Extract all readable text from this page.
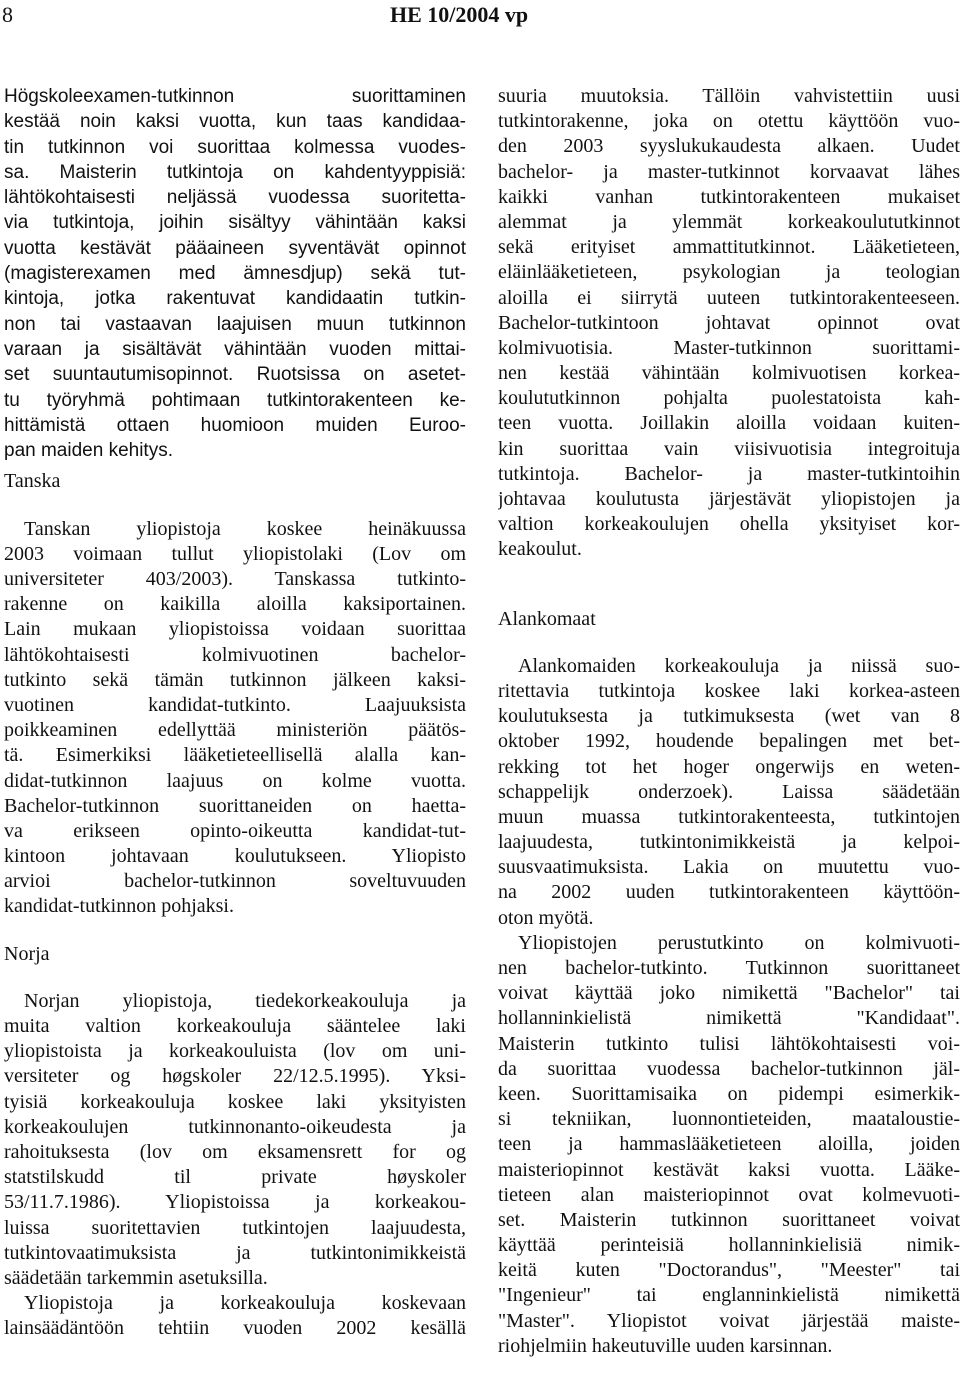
8	HE 10/2004 vp
Högskoleexamen-tutkinnon suorittaminen
kestää noin kaksi vuotta, kun taas kandidaa-
tin tutkinnon voi suorittaa kolmessa vuodes-
sa. Maisterin tutkintoja on kahdentyyppisiä:
lähtökohtaisesti neljässä vuodessa suoritetta-
via tutkintoja, joihin sisältyy vähintään kaksi
vuotta kestävät pääaineen syventävät opinnot
(magisterexamen med ämnesdjup) sekä tut-
kintoja, jotka rakentuvat kandidaatin tutkin-
non tai vastaavan laajuisen muun tutkinnon
varaan ja sisältävät vähintään vuoden mittai-
set suuntautumisopinnot. Ruotsissa on asetet-
tu työryhmä pohtimaan tutkintorakenteen ke-
hittämistä ottaen huomioon muiden Euroo-
pan maiden kehitys.
Tanska
Tanskan yliopistoja koskee heinäkuussa
2003 voimaan tullut yliopistolaki (Lov om
universiteter 403/2003). Tanskassa tutkinto-
rakenne on kaikilla aloilla kaksiportainen.
Lain mukaan yliopistoissa voidaan suorittaa
lähtökohtaisesti kolmivuotinen bachelor-
tutkinto sekä tämän tutkinnon jälkeen kaksi-
vuotinen kandidat-tutkinto. Laajuuksista
poikkeaminen edellyttää ministeriön päätös-
tä. Esimerkiksi lääketieteellisellä alalla kan-
didat-tutkinnon laajuus on kolme vuotta.
Bachelor-tutkinnon suorittaneiden on haetta-
va erikseen opinto-oikeutta kandidat-tut-
kintoon johtavaan koulutukseen. Yliopisto
arvioi bachelor-tutkinnon soveltuvuuden
kandidat-tutkinnon pohjaksi.
Norja
Norjan yliopistoja, tiedekorkeakouluja ja
muita valtion korkeakouluja sääntelee laki
yliopistoista ja korkeakouluista (lov om uni-
versiteter og høgskoler 22/12.5.1995). Yksi-
tyisiä korkeakouluja koskee laki yksityisten
korkeakoulujen tutkinnonanto-oikeudesta ja
rahoituksesta (lov om eksamensrett for og
statstilskudd til private høyskoler
53/11.7.1986). Yliopistoissa ja korkeakou-
luissa suoritettavien tutkintojen laajuudesta,
tutkintovaatimuksista ja tutkintonimikkeistä
säädetään tarkemmin asetuksilla.
Yliopistoja ja korkeakouluja koskevaan
lainsäädäntöön tehtiin vuoden 2002 kesällä
suuria muutoksia. Tällöin vahvistettiin uusi
tutkintorakenne, joka on otettu käyttöön vuo-
den 2003 syyslukukaudesta alkaen. Uudet
bachelor- ja master-tutkinnot korvaavat lähes
kaikki vanhan tutkintorakenteen mukaiset
alemmat ja ylemmät korkeakoulututkinnot
sekä erityiset ammattitutkinnot. Lääketieteen,
eläinlääketieteen, psykologian ja teologian
aloilla ei siirrytä uuteen tutkintorakenteeseen.
Bachelor-tutkintoon johtavat opinnot ovat
kolmivuotisia. Master-tutkinnon suorittami-
nen kestää vähintään kolmivuotisen korkea-
koulututkinnon pohjalta puolestatoista kah-
teen vuotta. Joillakin aloilla voidaan kuiten-
kin suorittaa vain viisivuotisia integroituja
tutkintoja. Bachelor- ja master-tutkintoihin
johtavaa koulutusta järjestävät yliopistojen ja
valtion korkeakoulujen ohella yksityiset kor-
keakoulut.
Alankomaat
Alankomaiden korkeakouluja ja niissä suo-
ritettavia tutkintoja koskee laki korkea-asteen
koulutuksesta ja tutkimuksesta (wet van 8
oktober 1992, houdende bepalingen met bet-
rekking tot het hoger ongerwijs en weten-
schappelijk onderzoek). Laissa säädetään
muun muassa tutkintorakenteesta, tutkintojen
laajuudesta, tutkintonimikkeistä ja kelpoi-
suusvaatimuksista. Lakia on muutettu vuo-
na 2002 uuden tutkintorakenteen käyttöön-
oton myötä.
Yliopistojen perustutkinto on kolmivuoti-
nen bachelor-tutkinto. Tutkinnon suorittaneet
voivat käyttää joko nimikettä "Bachelor" tai
hollanninkielistä nimikettä "Kandidaat".
Maisterin tutkinto tulisi lähtökohtaisesti voi-
da suorittaa vuodessa bachelor-tutkinnon jäl-
keen. Suorittamisaika on pidempi esimerkik-
si tekniikan, luonnontieteiden, maataloustie-
teen ja hammaslääketieteen aloilla, joiden
maisteriopinnot kestävät kaksi vuotta. Lääke-
tieteen alan maisteriopinnot ovat kolmevuoti-
set. Maisterin tutkinnon suorittaneet voivat
käyttää perinteisiä hollanninkielisiä nimik-
keitä kuten "Doctorandus", "Meester" tai
"Ingenieur" tai englanninkielistä nimikettä
"Master". Yliopistot voivat järjestää maiste-
riohjelmiin hakeutuville uuden karsinnan.
